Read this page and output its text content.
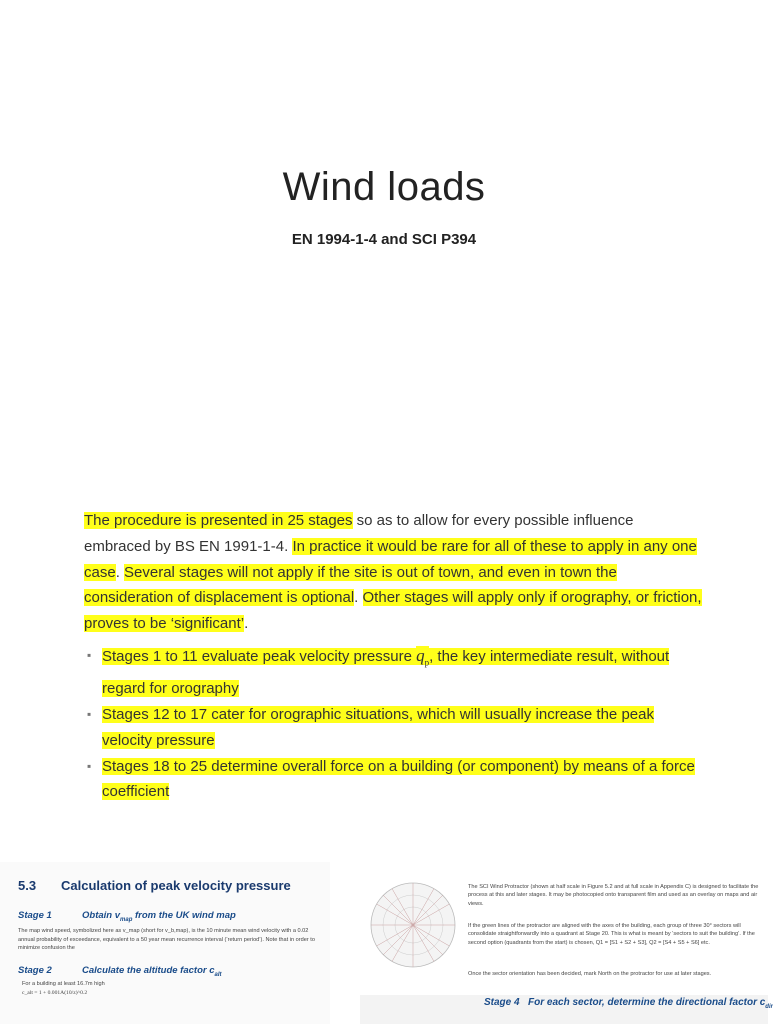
Wind loads
EN 1994-1-4 and SCI P394
The procedure is presented in 25 stages so as to allow for every possible influence embraced by BS EN 1991-1-4. In practice it would be rare for all of these to apply in any one case. Several stages will not apply if the site is out of town, and even in town the consideration of displacement is optional. Other stages will apply only if orography, or friction, proves to be ‘significant’.
▪ Stages 1 to 11 evaluate peak velocity pressure $q_p$, the key intermediate result, without regard for orography
▪ Stages 12 to 17 cater for orographic situations, which will usually increase the peak velocity pressure
▪ Stages 18 to 25 determine overall force on a building (or component) by means of a force coefficient
5.3 Calculation of peak velocity pressure
Stage 1	Obtain $v_{map}$ from the UK wind map
The map wind speed, symbolized here as v_map (short for v_b,map), is the 10 minute mean wind velocity with a 0.02 annual probability of exceedance, equivalent to a 50 year mean recurrence interval (‘return period’). Note that in order to minimize confusion the
Stage 2	Calculate the altitude factor $c_{alt}$
For a building at least 16.7m high
c_alt = 1 + 0.001A(10/z)^0.2
The SCI Wind Protractor (shown at half scale in Figure 5.2 and at full scale in Appendix C) is designed to facilitate the process at this and later stages. It may be photocopied onto transparent film and used as an overlay on maps and air views.
If the green lines of the protractor are aligned with the axes of the building, each group of three 30° sectors will consolidate straightforwardly into a quadrant at Stage 20. This is what is meant by ‘sectors to suit the building’. If the second option (quadrants from the start) is chosen, Q1 = [S1 + S2 + S3], Q2 = [S4 + S5 + S6] etc.
Once the sector orientation has been decided, mark North on the protractor for use at later stages.
Stage 4 For each sector, determine the directional factor $c_{dir}$
